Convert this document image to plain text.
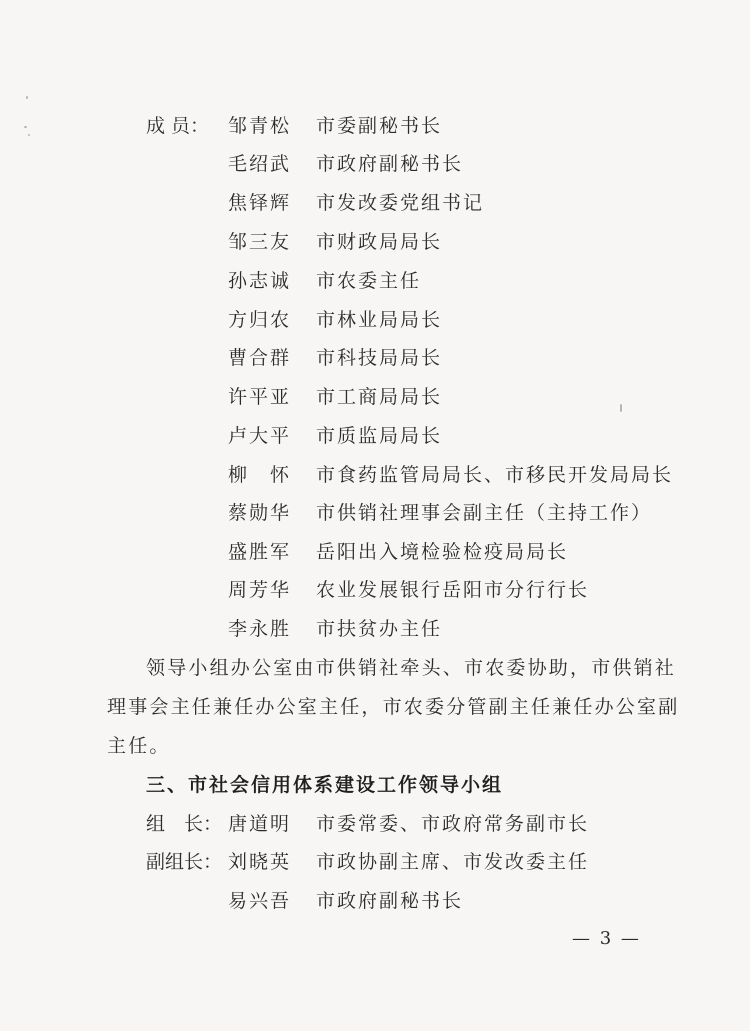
成 员： 邹青松 市委副秘书长
毛绍武 市政府副秘书长
焦铎辉 市发改委党组书记
邹三友 市财政局局长
孙志诚 市农委主任
方归农 市林业局局长
曹合群 市科技局局长
许平亚 市工商局局长
卢大平 市质监局局长
柳　怀 市食药监管局局长、市移民开发局局长
蔡勋华 市供销社理事会副主任（主持工作）
盛胜军 岳阳出入境检验检疫局局长
周芳华 农业发展银行岳阳市分行行长
李永胜 市扶贫办主任
领导小组办公室由市供销社牵头、市农委协助，市供销社
理事会主任兼任办公室主任，市农委分管副主任兼任办公室副
主任。
三、市社会信用体系建设工作领导小组
组　长： 唐道明 市委常委、市政府常务副市长
副组长： 刘晓英 市政协副主席、市发改委主任
易兴吾 市政府副秘书长
— 3 —
